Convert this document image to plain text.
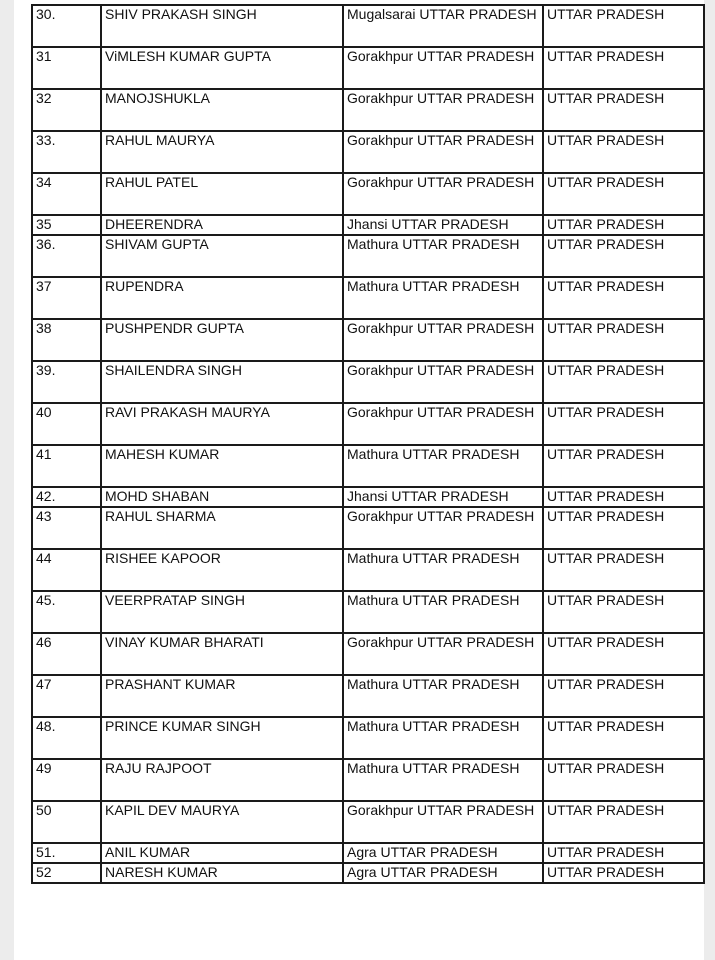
30.	SHIV PRAKASH SINGH	Mugalsarai UTTAR PRADESH	UTTAR PRADESH
31	ViMLESH KUMAR GUPTA	Gorakhpur UTTAR PRADESH	UTTAR PRADESH
32	MANOJSHUKLA	Gorakhpur UTTAR PRADESH	UTTAR PRADESH
33.	RAHUL MAURYA	Gorakhpur UTTAR PRADESH	UTTAR PRADESH
34	RAHUL PATEL	Gorakhpur UTTAR PRADESH	UTTAR PRADESH
35	DHEERENDRA	Jhansi UTTAR PRADESH	UTTAR PRADESH
36.	SHIVAM GUPTA	Mathura UTTAR PRADESH	UTTAR PRADESH
37	RUPENDRA	Mathura UTTAR PRADESH	UTTAR PRADESH
38	PUSHPENDR GUPTA	Gorakhpur UTTAR PRADESH	UTTAR PRADESH
39.	SHAILENDRA SINGH	Gorakhpur UTTAR PRADESH	UTTAR PRADESH
40	RAVI PRAKASH MAURYA	Gorakhpur UTTAR PRADESH	UTTAR PRADESH
41	MAHESH KUMAR	Mathura UTTAR PRADESH	UTTAR PRADESH
42.	MOHD SHABAN	Jhansi UTTAR PRADESH	UTTAR PRADESH
43	RAHUL SHARMA	Gorakhpur UTTAR PRADESH	UTTAR PRADESH
44	RISHEE KAPOOR	Mathura UTTAR PRADESH	UTTAR PRADESH
45.	VEERPRATAP SINGH	Mathura UTTAR PRADESH	UTTAR PRADESH
46	VINAY KUMAR BHARATI	Gorakhpur UTTAR PRADESH	UTTAR PRADESH
47	PRASHANT KUMAR	Mathura UTTAR PRADESH	UTTAR PRADESH
48.	PRINCE KUMAR SINGH	Mathura UTTAR PRADESH	UTTAR PRADESH
49	RAJU RAJPOOT	Mathura UTTAR PRADESH	UTTAR PRADESH
50	KAPIL DEV MAURYA	Gorakhpur UTTAR PRADESH	UTTAR PRADESH
51.	ANIL KUMAR	Agra UTTAR PRADESH	UTTAR PRADESH
52	NARESH KUMAR	Agra UTTAR PRADESH	UTTAR PRADESH
